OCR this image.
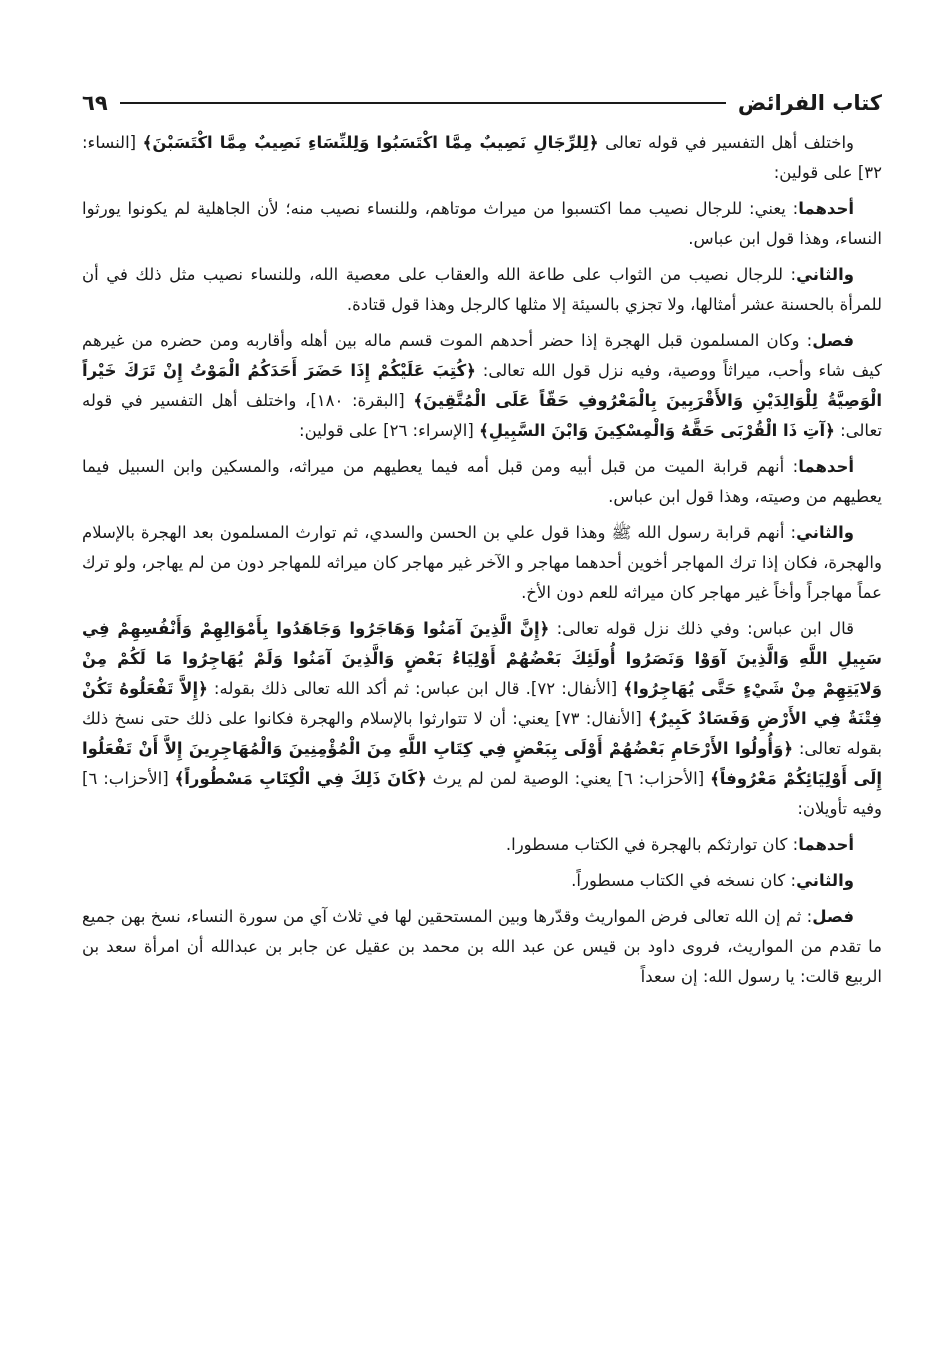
كتاب الفرائض
٦٩

واختلف أهل التفسير في قوله تعالى ﴿لِلرِّجَالِ نَصِيبٌ مِمَّا اكْتَسَبُوا وَلِلنِّسَاءِ نَصِيبٌ مِمَّا اكْتَسَبْنَ﴾ [النساء: ٣٢] على قولين:

أحدهما: يعني: للرجال نصيب مما اكتسبوا من ميراث موتاهم، وللنساء نصيب منه؛ لأن الجاهلية لم يكونوا يورثوا النساء، وهذا قول ابن عباس.

والثاني: للرجال نصيب من الثواب على طاعة الله والعقاب على معصية الله، وللنساء نصيب مثل ذلك في أن للمرأة بالحسنة عشر أمثالها، ولا تجزي بالسيئة إلا مثلها كالرجل وهذا قول قتادة.

فصل: وكان المسلمون قبل الهجرة إذا حضر أحدهم الموت قسم ماله بين أهله وأقاربه ومن حضره من غيرهم كيف شاء وأحب، ميراثاً ووصية، وفيه نزل قول الله تعالى: ﴿كُتِبَ عَلَيْكُمْ إِذَا حَضَرَ أَحَدَكُمُ الْمَوْتُ إِنْ تَرَكَ خَيْراً الْوَصِيَّةُ لِلْوَالِدَيْنِ وَالأَقْرَبِينَ بِالْمَعْرُوفِ حَقّاً عَلَى الْمُتَّقِينَ﴾ [البقرة: ١٨٠]، واختلف أهل التفسير في قوله تعالى: ﴿آتِ ذَا الْقُرْبَى حَقَّهُ وَالْمِسْكِينَ وَابْنَ السَّبِيلِ﴾ [الإسراء: ٢٦] على قولين:

أحدهما: أنهم قرابة الميت من قبل أبيه ومن قبل أمه فيما يعطيهم من ميراثه، والمسكين وابن السبيل فيما يعطيهم من وصيته، وهذا قول ابن عباس.

والثاني: أنهم قرابة رسول الله ﷺ وهذا قول علي بن الحسن والسدي، ثم توارث المسلمون بعد الهجرة بالإسلام والهجرة، فكان إذا ترك المهاجر أخوين أحدهما مهاجر و الآخر غير مهاجر كان ميراثه للمهاجر دون من لم يهاجر، ولو ترك عماً مهاجراً وأخاً غير مهاجر كان ميراثه للعم دون الأخ.

قال ابن عباس: وفي ذلك نزل قوله تعالى: ﴿إِنَّ الَّذِينَ آمَنُوا وَهَاجَرُوا وَجَاهَدُوا بِأَمْوَالِهِمْ وَأَنْفُسِهِمْ فِي سَبِيلِ اللَّهِ وَالَّذِينَ آوَوْا وَنَصَرُوا أُولَئِكَ بَعْضُهُمْ أَوْلِيَاءُ بَعْضٍ وَالَّذِينَ آمَنُوا وَلَمْ يُهَاجِرُوا مَا لَكُمْ مِنْ وَلايَتِهِمْ مِنْ شَيْءٍ حَتَّى يُهَاجِرُوا﴾ [الأنفال: ٧٢]. قال ابن عباس: ثم أكد الله تعالى ذلك بقوله: ﴿إِلاَّ تَفْعَلُوهُ تَكُنْ فِتْنَةٌ فِي الأَرْضِ وَفَسَادٌ كَبِيرٌ﴾ [الأنفال: ٧٣] يعني: أن لا تتوارثوا بالإسلام والهجرة فكانوا على ذلك حتى نسخ ذلك بقوله تعالى: ﴿وَأُولُوا الأَرْحَامِ بَعْضُهُمْ أَوْلَى بِبَعْضٍ فِي كِتَابِ اللَّهِ مِنَ الْمُؤْمِنِينَ وَالْمُهَاجِرِينَ إِلاَّ أَنْ تَفْعَلُوا إِلَى أَوْلِيَائِكُمْ مَعْرُوفاً﴾ [الأحزاب: ٦] يعني: الوصية لمن لم يرث ﴿كَانَ ذَلِكَ فِي الْكِتَابِ مَسْطُوراً﴾ [الأحزاب: ٦] وفيه تأويلان:

أحدهما: كان توارثكم بالهجرة في الكتاب مسطورا.

والثاني: كان نسخه في الكتاب مسطوراً.

فصل: ثم إن الله تعالى فرض المواريث وقدّرها وبين المستحقين لها في ثلاث آي من سورة النساء، نسخ بهن جميع ما تقدم من المواريث، فروى داود بن قيس عن عبد الله بن محمد بن عقيل عن جابر بن عبدالله أن امرأة سعد بن الربيع قالت: يا رسول الله: إن سعداً
